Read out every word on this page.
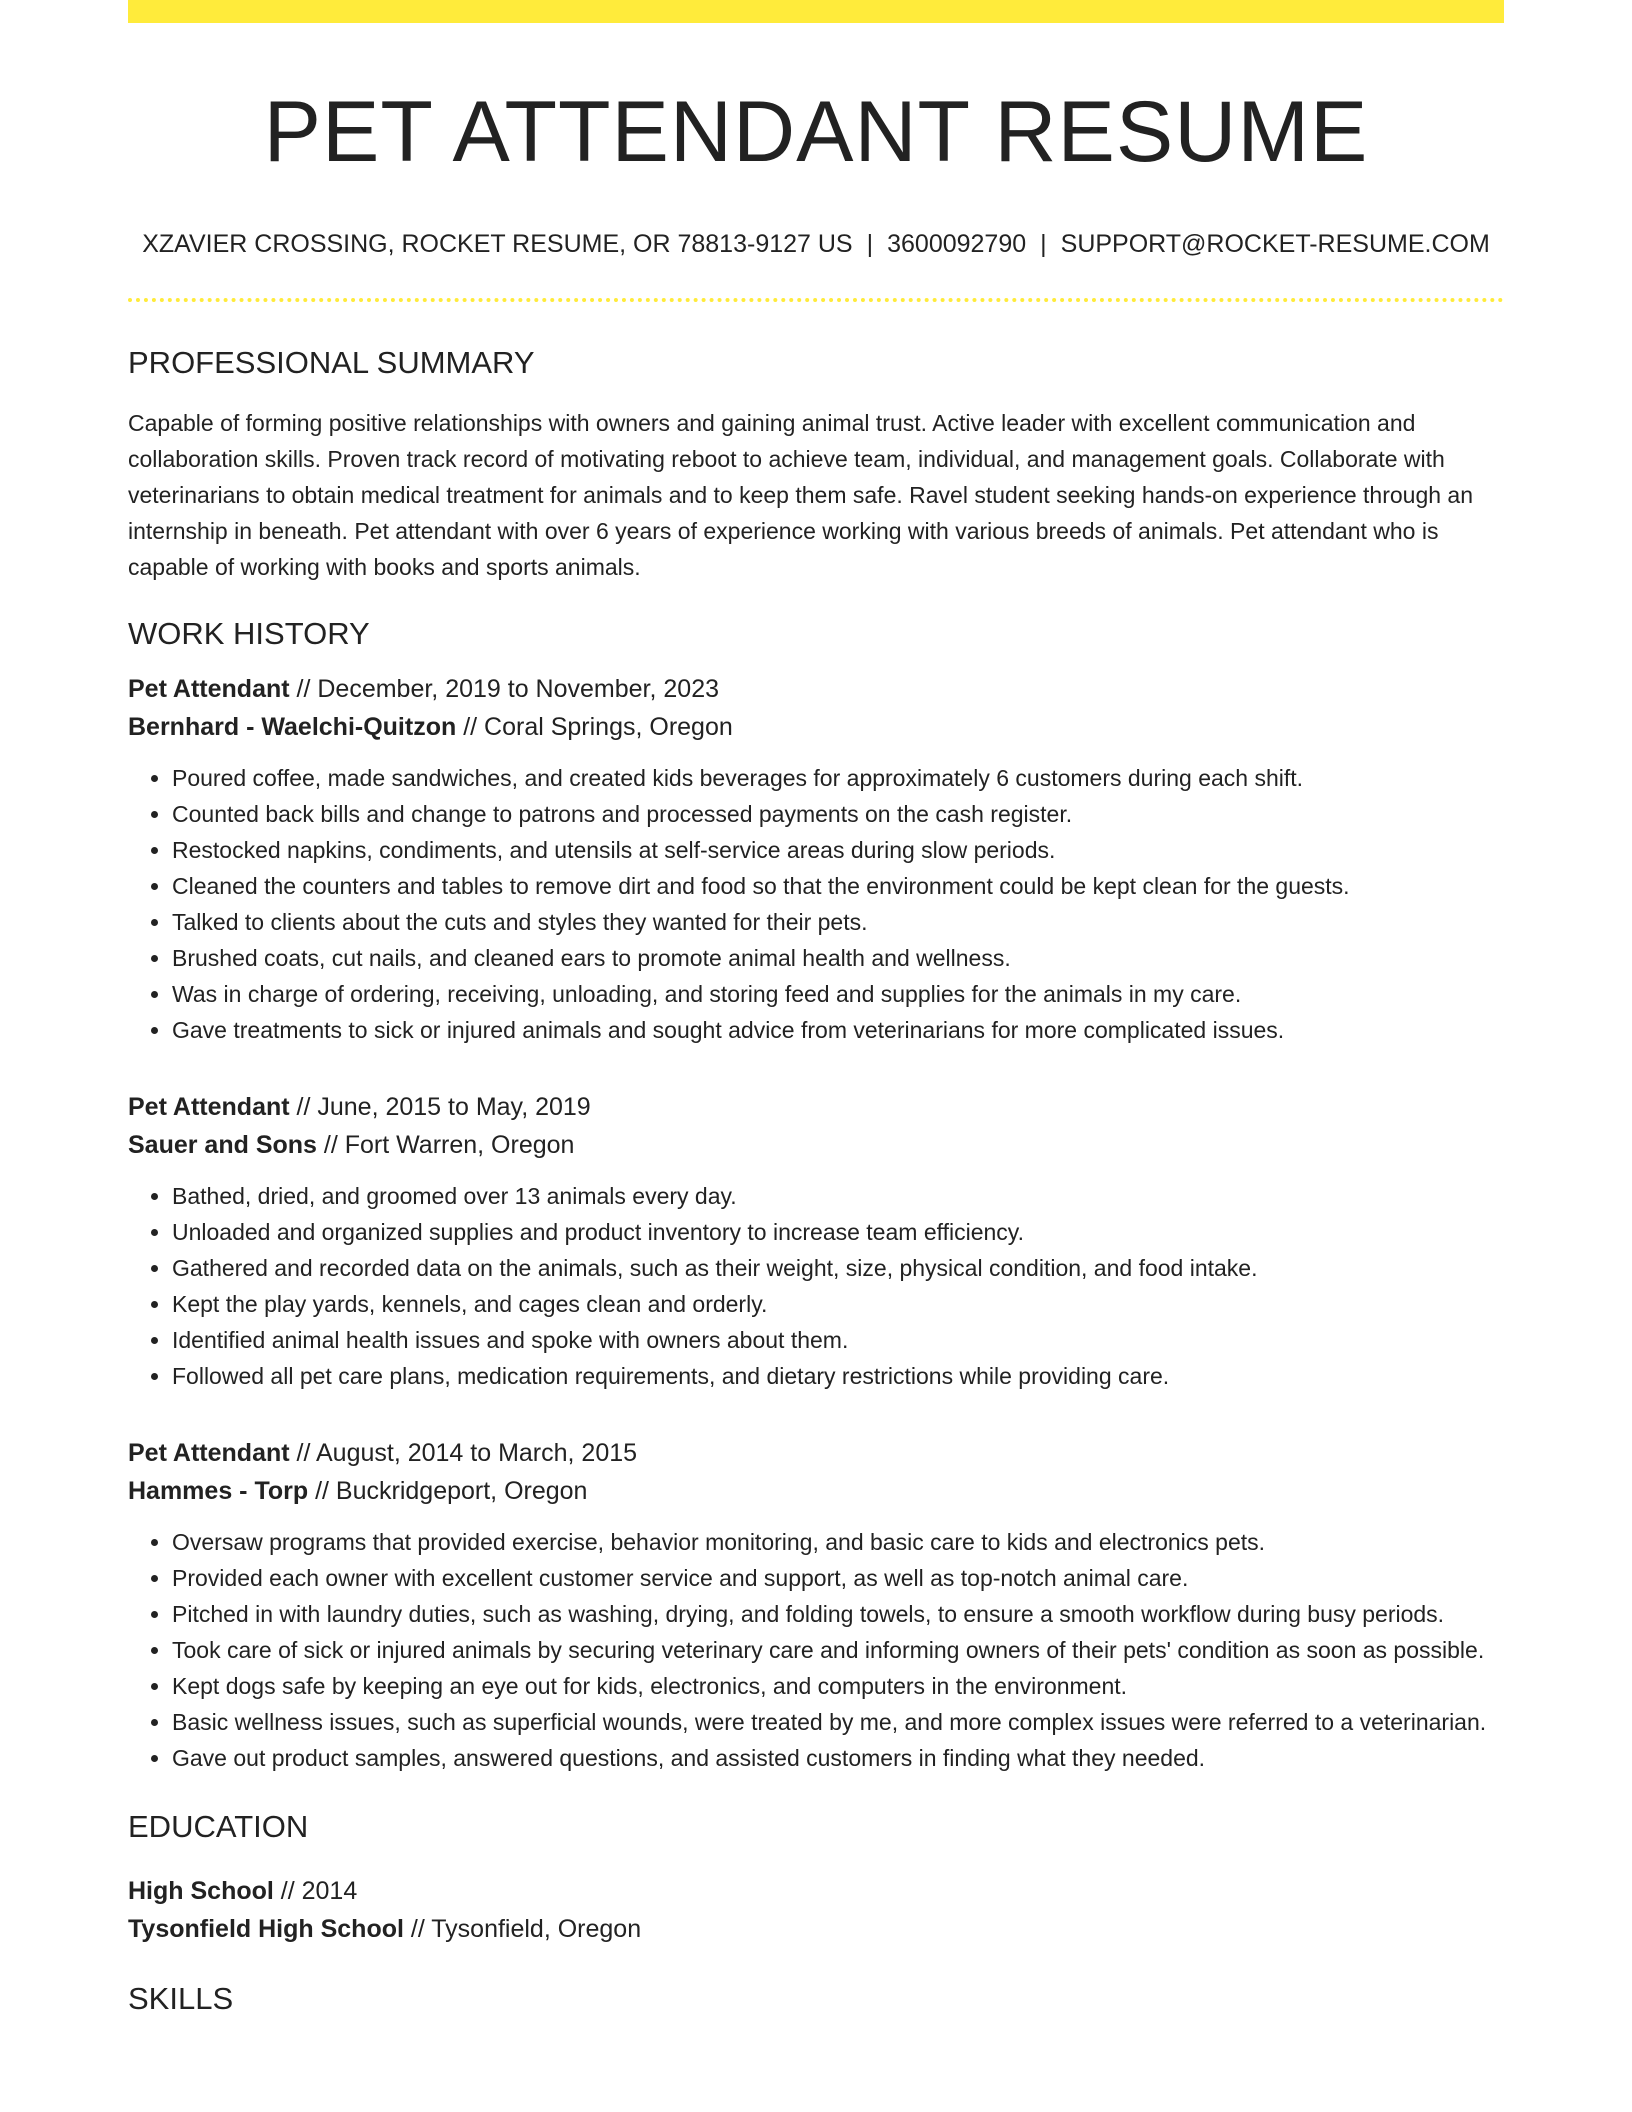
PET ATTENDANT RESUME
XZAVIER CROSSING, ROCKET RESUME, OR 78813-9127 US | 3600092790 | SUPPORT@ROCKET-RESUME.COM
PROFESSIONAL SUMMARY
Capable of forming positive relationships with owners and gaining animal trust. Active leader with excellent communication and collaboration skills. Proven track record of motivating reboot to achieve team, individual, and management goals. Collaborate with veterinarians to obtain medical treatment for animals and to keep them safe. Ravel student seeking hands-on experience through an internship in beneath. Pet attendant with over 6 years of experience working with various breeds of animals. Pet attendant who is capable of working with books and sports animals.
WORK HISTORY
Pet Attendant // December, 2019 to November, 2023
Bernhard - Waelchi-Quitzon // Coral Springs, Oregon
• Poured coffee, made sandwiches, and created kids beverages for approximately 6 customers during each shift.
• Counted back bills and change to patrons and processed payments on the cash register.
• Restocked napkins, condiments, and utensils at self-service areas during slow periods.
• Cleaned the counters and tables to remove dirt and food so that the environment could be kept clean for the guests.
• Talked to clients about the cuts and styles they wanted for their pets.
• Brushed coats, cut nails, and cleaned ears to promote animal health and wellness.
• Was in charge of ordering, receiving, unloading, and storing feed and supplies for the animals in my care.
• Gave treatments to sick or injured animals and sought advice from veterinarians for more complicated issues.
Pet Attendant // June, 2015 to May, 2019
Sauer and Sons // Fort Warren, Oregon
• Bathed, dried, and groomed over 13 animals every day.
• Unloaded and organized supplies and product inventory to increase team efficiency.
• Gathered and recorded data on the animals, such as their weight, size, physical condition, and food intake.
• Kept the play yards, kennels, and cages clean and orderly.
• Identified animal health issues and spoke with owners about them.
• Followed all pet care plans, medication requirements, and dietary restrictions while providing care.
Pet Attendant // August, 2014 to March, 2015
Hammes - Torp // Buckridgeport, Oregon
• Oversaw programs that provided exercise, behavior monitoring, and basic care to kids and electronics pets.
• Provided each owner with excellent customer service and support, as well as top-notch animal care.
• Pitched in with laundry duties, such as washing, drying, and folding towels, to ensure a smooth workflow during busy periods.
• Took care of sick or injured animals by securing veterinary care and informing owners of their pets' condition as soon as possible.
• Kept dogs safe by keeping an eye out for kids, electronics, and computers in the environment.
• Basic wellness issues, such as superficial wounds, were treated by me, and more complex issues were referred to a veterinarian.
• Gave out product samples, answered questions, and assisted customers in finding what they needed.
EDUCATION
High School // 2014
Tysonfield High School // Tysonfield, Oregon
SKILLS
